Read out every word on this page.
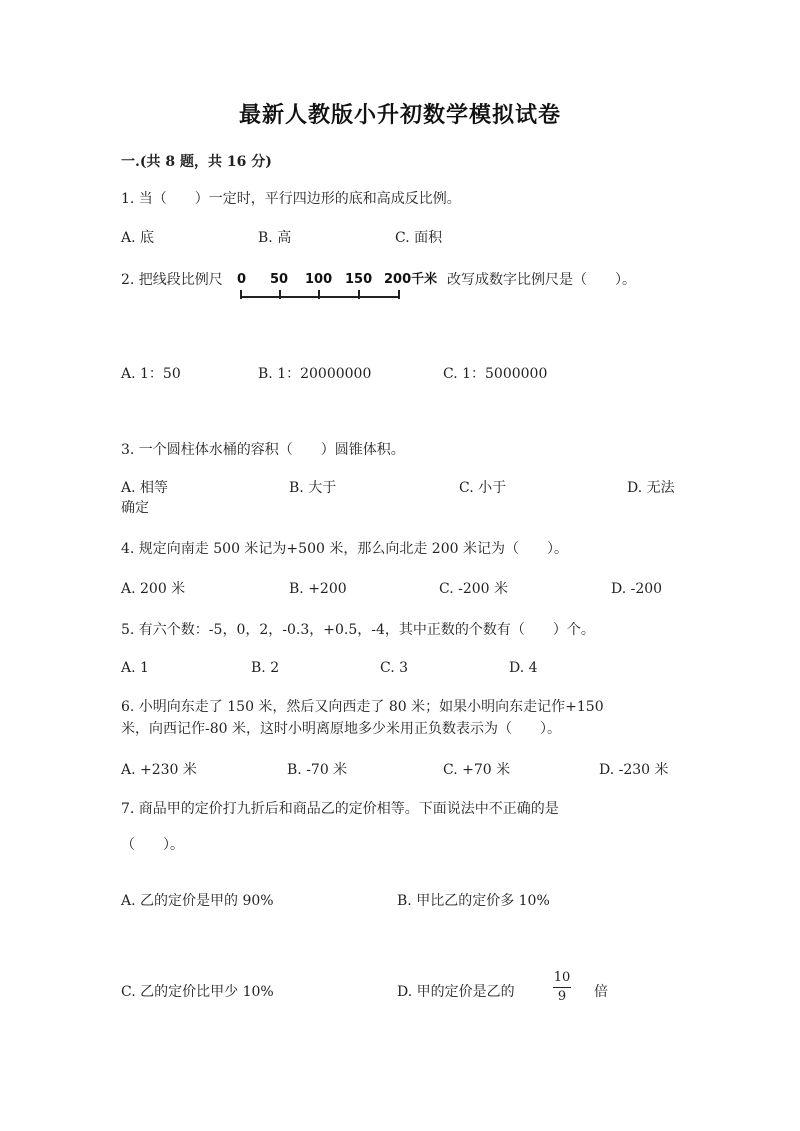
最新人教版小升初数学模拟试卷
一.(共 8 题，共 16 分)
1. 当（　　）一定时，平行四边形的底和高成反比例。
A. 底	B. 高	C. 面积
2. 把线段比例尺 0 50 100 150 200千米 改写成数字比例尺是（　　）。
A. 1：50	B. 1：20000000	C. 1：5000000
3. 一个圆柱体水桶的容积（　　）圆锥体积。
A. 相等	B. 大于	C. 小于	D. 无法
确定
4. 规定向南走 500 米记为+500 米，那么向北走 200 米记为（　　）。
A. 200 米	B. +200	C. -200 米	D. -200
5. 有六个数：-5，0，2，-0.3，+0.5，-4，其中正数的个数有（　　）个。
A. 1	B. 2	C. 3	D. 4
6. 小明向东走了 150 米，然后又向西走了 80 米；如果小明向东走记作+150
米，向西记作-80 米，这时小明离原地多少米用正负数表示为（　　）。
A. +230 米	B. -70 米	C. +70 米	D. -230 米
7. 商品甲的定价打九折后和商品乙的定价相等。下面说法中不正确的是
（　　）。
A. 乙的定价是甲的 90%	B. 甲比乙的定价多 10%
C. 乙的定价比甲少 10%	D. 甲的定价是乙的
10
9	倍
